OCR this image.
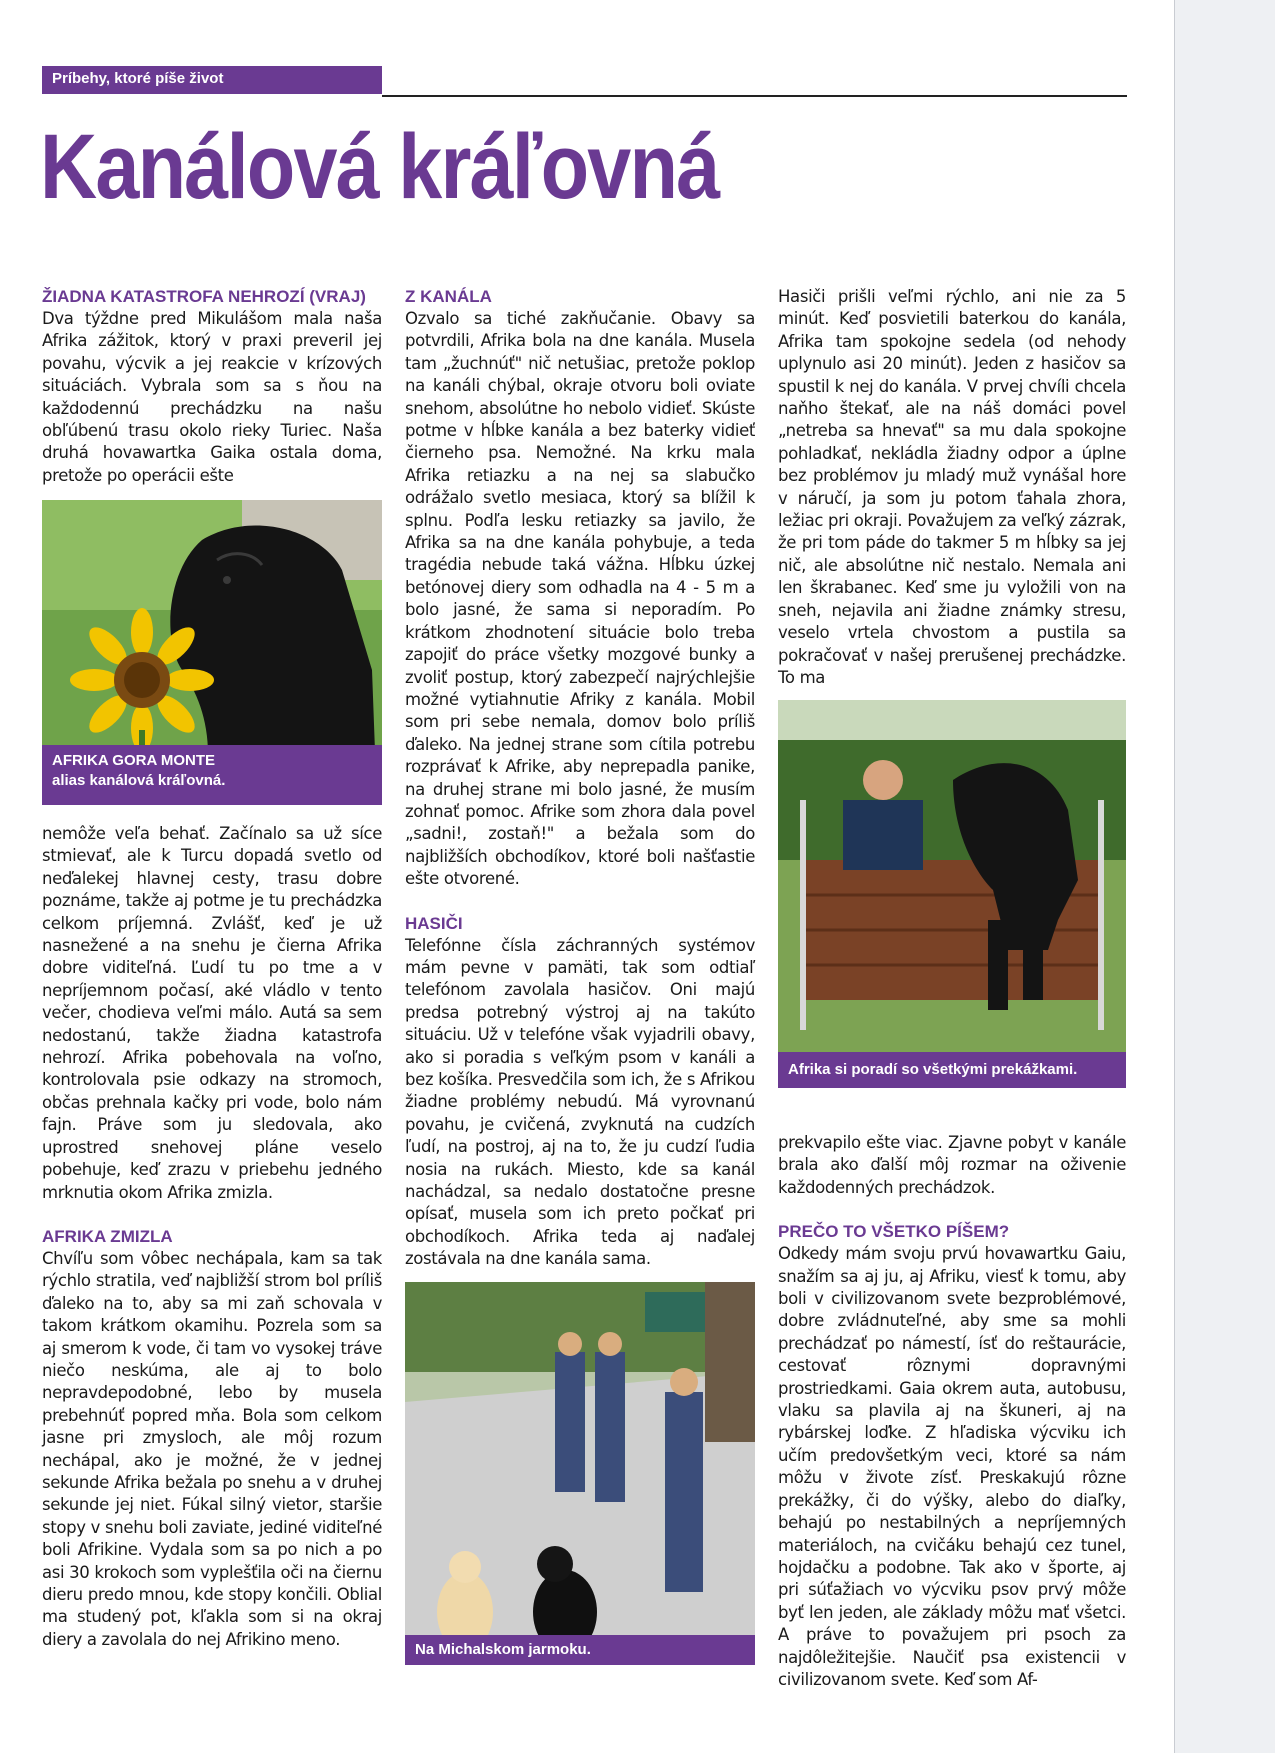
Príbehy, ktoré píše život
Kanálová kráľovná
ŽIADNA KATASTROFA NEHROZÍ (VRAJ)

Dva týždne pred Mikulášom mala naša Afrika zážitok, ktorý v praxi preveril jej povahu, výcvik a jej reakcie v krízových situáciách. Vybrala som sa s ňou na každodennú prechádzku na našu obľúbenú trasu okolo rieky Turiec. Naša druhá hovawartka Gaika ostala doma, pretože po operácii ešte

AFRIKA GORA MONTE
alias kanálová kráľovná.

nemôže veľa behať. Začínalo sa už síce stmievať, ale k Turcu dopadá svetlo od neďalekej hlavnej cesty, trasu dobre poznáme, takže aj potme je tu prechádzka celkom príjemná. Zvlášť, keď je už nasnežené a na snehu je čierna Afrika dobre viditeľná. Ľudí tu po tme a v nepríjemnom počasí, aké vládlo v tento večer, chodieva veľmi málo. Autá sa sem nedostanú, takže žiadna katastrofa nehrozí. Afrika pobehovala na voľno, kontrolovala psie odkazy na stromoch, občas prehnala kačky pri vode, bolo nám fajn. Práve som ju sledovala, ako uprostred snehovej pláne veselo pobehuje, keď zrazu v priebehu jedného mrknutia okom Afrika zmizla.

AFRIKA ZMIZLA

Chvíľu som vôbec nechápala, kam sa tak rýchlo stratila, veď najbližší strom bol príliš ďaleko na to, aby sa mi zaň schovala v takom krátkom okamihu. Pozrela som sa aj smerom k vode, či tam vo vysokej tráve niečo neskúma, ale aj to bolo nepravdepodobné, lebo by musela prebehnúť popred mňa. Bola som celkom jasne pri zmysloch, ale môj rozum nechápal, ako je možné, že v jednej sekunde Afrika bežala po snehu a v druhej sekunde jej niet. Fúkal silný vietor, staršie stopy v snehu boli zaviate, jediné viditeľné boli Afrikine. Vydala som sa po nich a po asi 30 krokoch som vyplešťila oči na čiernu dieru predo mnou, kde stopy končili. Oblial ma studený pot, kľakla som si na okraj diery a zavolala do nej Afrikino meno.

Z KANÁLA

Ozvalo sa tiché zakňučanie. Obavy sa potvrdili, Afrika bola na dne kanála. Musela tam „žuchnúť" nič netušiac, pretože poklop na kanáli chýbal, okraje otvoru boli oviate snehom, absolútne ho nebolo vidieť. Skúste potme v hĺbke kanála a bez baterky vidieť čierneho psa. Nemožné. Na krku mala Afrika retiazku a na nej sa slabučko odrážalo svetlo mesiaca, ktorý sa blížil k splnu. Podľa lesku retiazky sa javilo, že Afrika sa na dne kanála pohybuje, a teda tragédia nebude taká vážna. Hĺbku úzkej betónovej diery som odhadla na 4 - 5 m a bolo jasné, že sama si neporadím. Po krátkom zhodnotení situácie bolo treba zapojiť do práce všetky mozgové bunky a zvoliť postup, ktorý zabezpečí najrýchlejšie možné vytiahnutie Afriky z kanála. Mobil som pri sebe nemala, domov bolo príliš ďaleko. Na jednej strane som cítila potrebu rozprávať k Afrike, aby neprepadla panike, na druhej strane mi bolo jasné, že musím zohnať pomoc. Afrike som zhora dala povel „sadni!, zostaň!" a bežala som do najbližších obchodíkov, ktoré boli našťastie ešte otvorené.

HASIČI

Telefónne čísla záchranných systémov mám pevne v pamäti, tak som odtiaľ telefónom zavolala hasičov. Oni majú predsa potrebný výstroj aj na takúto situáciu. Už v telefóne však vyjadrili obavy, ako si poradia s veľkým psom v kanáli a bez košíka. Presvedčila som ich, že s Afrikou žiadne problémy nebudú. Má vyrovnanú povahu, je cvičená, zvyknutá na cudzích ľudí, na postroj, aj na to, že ju cudzí ľudia nosia na rukách. Miesto, kde sa kanál nachádzal, sa nedalo dostatočne presne opísať, musela som ich preto počkať pri obchodíkoch. Afrika teda aj naďalej zostávala na dne kanála sama.

Na Michalskom jarmoku.

Hasiči prišli veľmi rýchlo, ani nie za 5 minút. Keď posvietili baterkou do kanála, Afrika tam spokojne sedela (od nehody uplynulo asi 20 minút). Jeden z hasičov sa spustil k nej do kanála. V prvej chvíli chcela naňho štekať, ale na náš domáci povel „netreba sa hnevať" sa mu dala spokojne pohladkať, nekládla žiadny odpor a úplne bez problémov ju mladý muž vynášal hore v náručí, ja som ju potom ťahala zhora, ležiac pri okraji. Považujem za veľký zázrak, že pri tom páde do takmer 5 m hĺbky sa jej nič, ale absolútne nič nestalo. Nemala ani len škrabanec. Keď sme ju vyložili von na sneh, nejavila ani žiadne známky stresu, veselo vrtela chvostom a pustila sa pokračovať v našej prerušenej prechádzke. To ma

Afrika si poradí so všetkými prekážkami.

prekvapilo ešte viac. Zjavne pobyt v kanále brala ako ďalší môj rozmar na oživenie každodenných prechádzok.

PREČO TO VŠETKO PÍŠEM?

Odkedy mám svoju prvú hovawartku Gaiu, snažím sa aj ju, aj Afriku, viesť k tomu, aby boli v civilizovanom svete bezproblémové, dobre zvládnuteľné, aby sme sa mohli prechádzať po námestí, ísť do reštaurácie, cestovať rôznymi dopravnými prostriedkami. Gaia okrem auta, autobusu, vlaku sa plavila aj na škuneri, aj na rybárskej loďke. Z hľadiska výcviku ich učím predovšetkým veci, ktoré sa nám môžu v živote zísť. Preskakujú rôzne prekážky, či do výšky, alebo do diaľky, behajú po nestabilných a nepríjemných materiáloch, na cvičáku behajú cez tunel, hojdačku a podobne. Tak ako v športe, aj pri súťažiach vo výcviku psov prvý môže byť len jeden, ale základy môžu mať všetci. A práve to považujem pri psoch za najdôležitejšie. Naučiť psa existencii v civilizovanom svete. Keď som Af-
